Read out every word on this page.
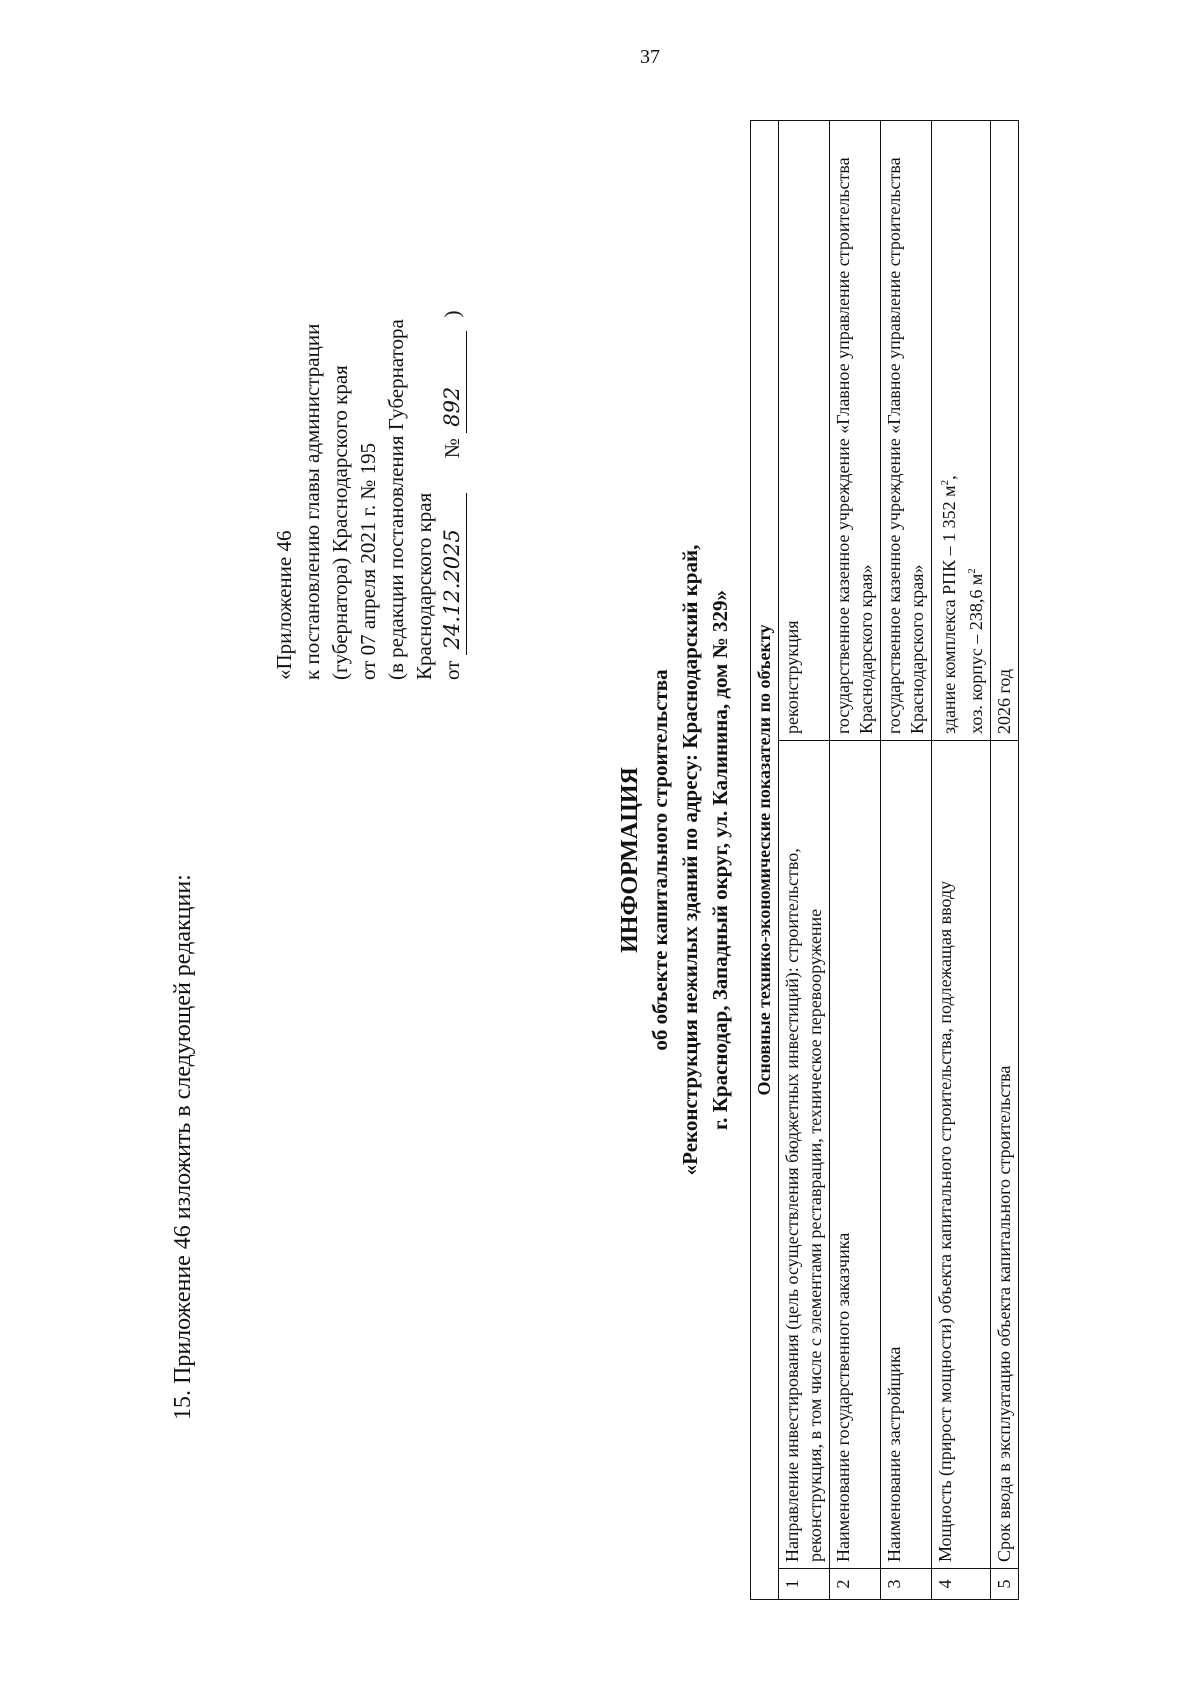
37
15. Приложение 46 изложить в следующей редакции:
«Приложение 46 к постановлению главы администрации (губернатора) Краснодарского края от 07 апреля 2021 г. № 195 (в редакции постановления Губернатора Краснодарского края от 24.12.2025 № 892 )
ИНФОРМАЦИЯ об объекте капитального строительства «Реконструкция нежилых зданий по адресу: Краснодарский край, г. Краснодар, Западный округ, ул. Калинина, дом № 329» Основные технико-экономические показатели по объекту		
1	Направление инвестирования (цель осуществления бюджетных инвестиций): строительство, реконструкция, в том числе с элементами реставрации, техническое перевооружение	реконструкция
2	Наименование государственного заказчика	государственное казенное учреждение «Главное управление строительства Краснодарского края»
3	Наименование застройщика	государственное казенное учреждение «Главное управление строительства Краснодарского края»
4	Мощность (прирост мощности) объекта капитального строительства, подлежащая вводу	здание комплекса РПК – 1 352 $м^2$,
хоз. корпус – 238,6 $м^2$

5	Срок ввода в эксплуатацию объекта капитального строительства	2026 год
